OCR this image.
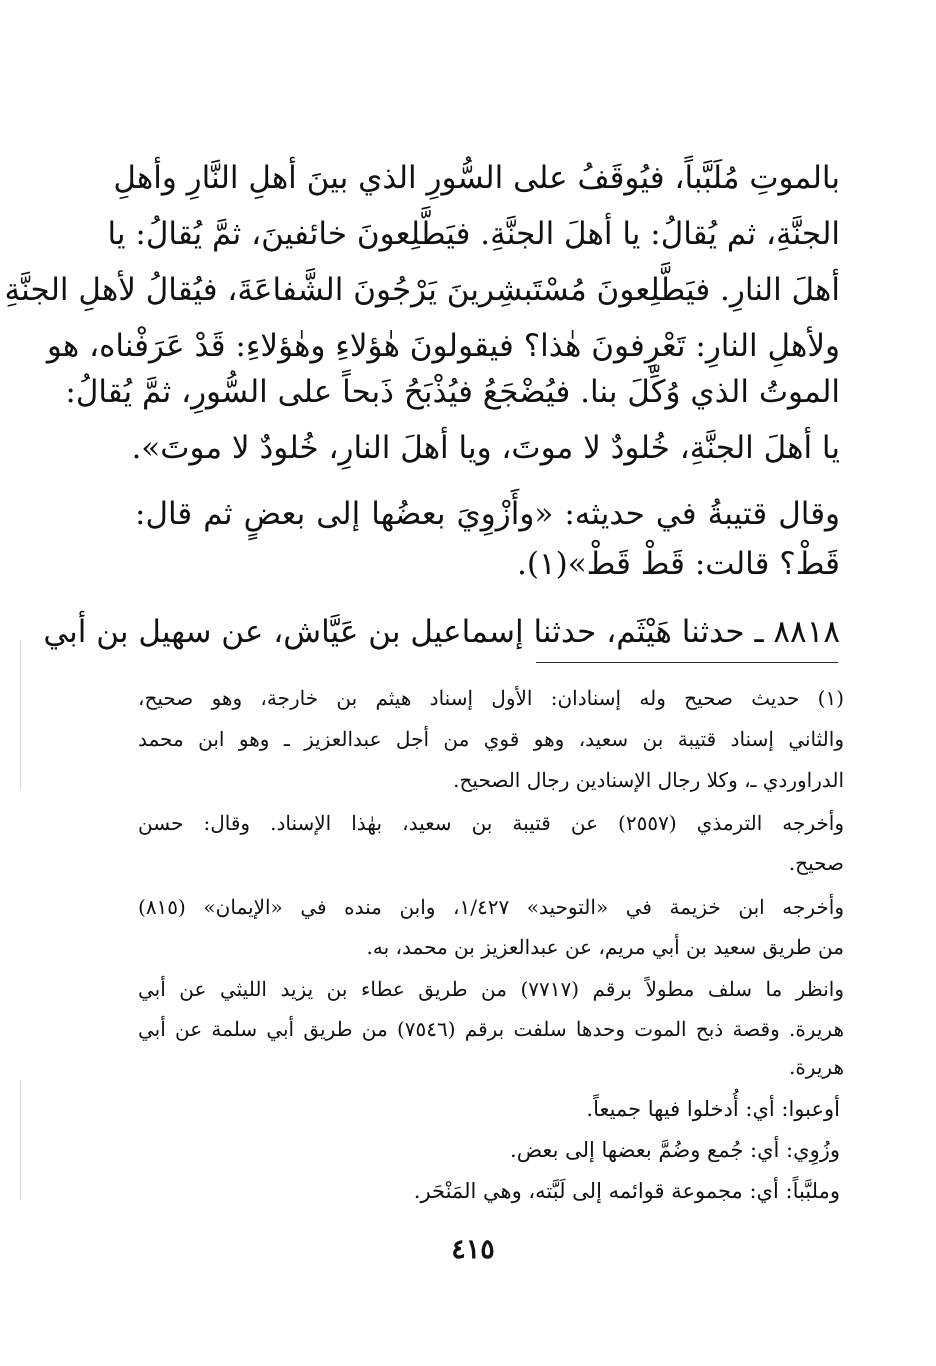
بالموتِ مُلَبَّباً، فيُوقَفُ على السُّورِ الذي بينَ أهلِ النَّارِ وأهلِ
الجنَّةِ، ثم يُقالُ: يا أهلَ الجنَّةِ. فيَطَّلِعونَ خائفينَ، ثمَّ يُقالُ: يا
أهلَ النارِ. فيَطَّلِعونَ مُسْتَبشِرينَ يَرْجُونَ الشَّفاعَةَ، فيُقالُ لأهلِ الجنَّةِ
ولأهلِ النارِ: تَعْرِفونَ هٰذا؟ فيقولونَ هٰؤلاءِ وهٰؤلاءِ: قَدْ عَرَفْناه، هو
الموتُ الذي وُكِّلَ بنا. فيُضْجَعُ فيُذْبَحُ ذَبحاً على السُّورِ، ثمَّ يُقالُ:
يا أهلَ الجنَّةِ، خُلودٌ لا موتَ، ويا أهلَ النارِ، خُلودٌ لا موتَ».
وقال قتيبةُ في حديثه: «وأَزْوِيَ بعضُها إلى بعضٍ ثم قال:
قَطْ؟ قالت: قَطْ قَطْ»(١).
٨٨١٨ ـ حدثنا هَيْثَم، حدثنا إسماعيل بن عَيَّاش، عن سهيل بن أبي
(١) حديث صحيح وله إسنادان: الأول إسناد هيثم بن خارجة، وهو صحيح،
والثاني إسناد قتيبة بن سعيد، وهو قوي من أجل عبدالعزيز ـ وهو ابن محمد
الدراوردي ـ، وكلا رجال الإسنادين رجال الصحيح.
وأخرجه الترمذي (٢٥٥٧) عن قتيبة بن سعيد، بهٰذا الإسناد. وقال: حسن
صحيح.
وأخرجه ابن خزيمة في «التوحيد» ١/٤٢٧، وابن منده في «الإيمان» (٨١٥)
من طريق سعيد بن أبي مريم، عن عبدالعزيز بن محمد، به.
وانظر ما سلف مطولاً برقم (٧٧١٧) من طريق عطاء بن يزيد الليثي عن أبي
هريرة. وقصة ذبح الموت وحدها سلفت برقم (٧٥٤٦) من طريق أبي سلمة عن أبي
هريرة.
أوعبوا: أي: أُدخلوا فيها جميعاً.
وزُوِي: أي: جُمع وضُمَّ بعضها إلى بعض.
وملبَّباً: أي: مجموعة قوائمه إلى لَبَّته، وهي المَنْحَر.
٤١٥
